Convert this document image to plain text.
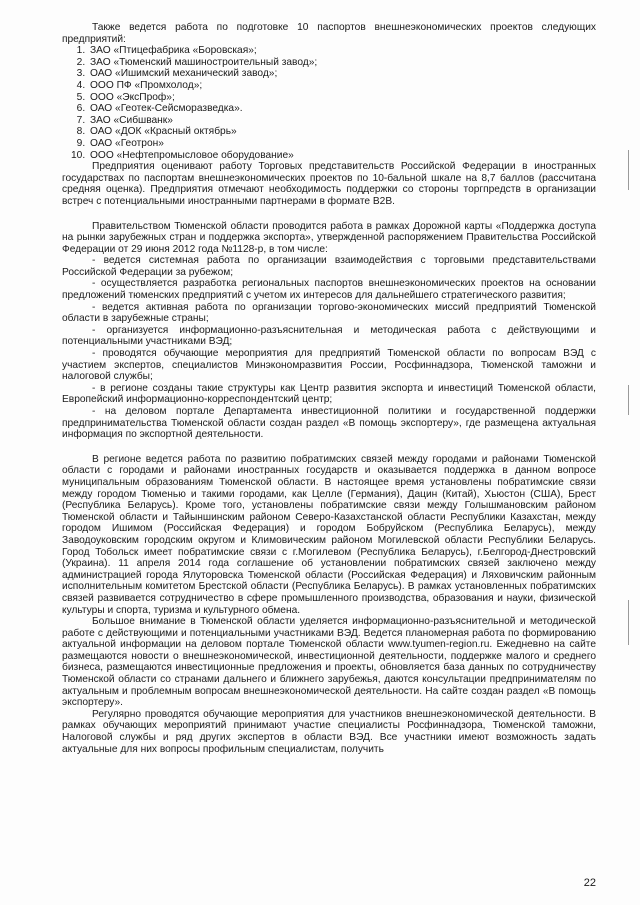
Также ведется работа по подготовке 10 паспортов внешнеэкономических проектов следующих предприятий:

1. ЗАО «Птицефабрика «Боровская»;
2. ЗАО «Тюменский машиностроительный завод»;
3. ОАО «Ишимский механический завод»;
4. ООО ПФ «Промхолод»;
5. ООО «ЭксПроф»;
6. ОАО «Геотек-Сейсморазведка».
7. ЗАО «Сибшванк»
8. ОАО «ДОК «Красный октябрь»
9. ОАО «Геотрон»
10. ООО «Нефтепромысловое оборудование»

Предприятия оценивают работу Торговых представительств Российской Федерации в иностранных государствах по паспортам внешнеэкономических проектов по 10-бальной шкале на 8,7 баллов (рассчитана средняя оценка). Предприятия отмечают необходимость поддержки со стороны торгпредств в организации встреч с потенциальными иностранными партнерами в формате B2B.

Правительством Тюменской области проводится работа в рамках Дорожной карты «Поддержка доступа на рынки зарубежных стран и поддержка экспорта», утвержденной распоряжением Правительства Российской Федерации от 29 июня 2012 года №1128-р, в том числе:

- ведется системная работа по организации взаимодействия с торговыми представительствами Российской Федерации за рубежом;

- осуществляется разработка региональных паспортов внешнеэкономических проектов на основании предложений тюменских предприятий с учетом их интересов для дальнейшего стратегического развития;

- ведется активная работа по организации торгово-экономических миссий предприятий Тюменской области в зарубежные страны;

- организуется информационно-разъяснительная и методическая работа с действующими и потенциальными участниками ВЭД;

- проводятся обучающие мероприятия для предприятий Тюменской области по вопросам ВЭД с участием экспертов, специалистов Минэкономразвития России, Росфиннадзора, Тюменской таможни и налоговой службы;

- в регионе созданы такие структуры как Центр развития экспорта и инвестиций Тюменской области, Европейский информационно-корреспондентский центр;

- на деловом портале Департамента инвестиционной политики и государственной поддержки предпринимательства Тюменской области создан раздел «В помощь экспортеру», где размещена актуальная информация по экспортной деятельности.

В регионе ведется работа по развитию побратимских связей между городами и районами Тюменской области с городами и районами иностранных государств и оказывается поддержка в данном вопросе муниципальным образованиям Тюменской области. В настоящее время установлены побратимские связи между городом Тюменью и такими городами, как Целле (Германия), Дацин (Китай), Хьюстон (США), Брест (Республика Беларусь). Кроме того, установлены побратимские связи между Голышмановским районом Тюменской области и Тайыншинским районом Северо-Казахстанской области Республики Казахстан, между городом Ишимом (Российская Федерация) и городом Бобруйском (Республика Беларусь), между Заводоуковским городским округом и Климовическим районом Могилевской области Республики Беларусь. Город Тобольск имеет побратимские связи с г.Могилевом (Республика Беларусь), г.Белгород-Днестровский (Украина). 11 апреля 2014 года соглашение об установлении побратимских связей заключено между администрацией города Ялуторовска Тюменской области (Российская Федерация) и Ляховичским районным исполнительным комитетом Брестской области (Республика Беларусь). В рамках установленных побратимских связей развивается сотрудничество в сфере промышленного производства, образования и науки, физической культуры и спорта, туризма и культурного обмена.

Большое внимание в Тюменской области уделяется информационно-разъяснительной и методической работе с действующими и потенциальными участниками ВЭД. Ведется планомерная работа по формированию актуальной информации на деловом портале Тюменской области www.tyumen-region.ru. Ежедневно на сайте размещаются новости о внешнеэкономической, инвестиционной деятельности, поддержке малого и среднего бизнеса, размещаются инвестиционные предложения и проекты, обновляется база данных по сотрудничеству Тюменской области со странами дальнего и ближнего зарубежья, даются консультации предпринимателям по актуальным и проблемным вопросам внешнеэкономической деятельности. На сайте создан раздел «В помощь экспортеру».

Регулярно проводятся обучающие мероприятия для участников внешнеэкономической деятельности. В рамках обучающих мероприятий принимают участие специалисты Росфиннадзора, Тюменской таможни, Налоговой службы и ряд других экспертов в области ВЭД. Все участники имеют возможность задать актуальные для них вопросы профильным специалистам, получить

22
